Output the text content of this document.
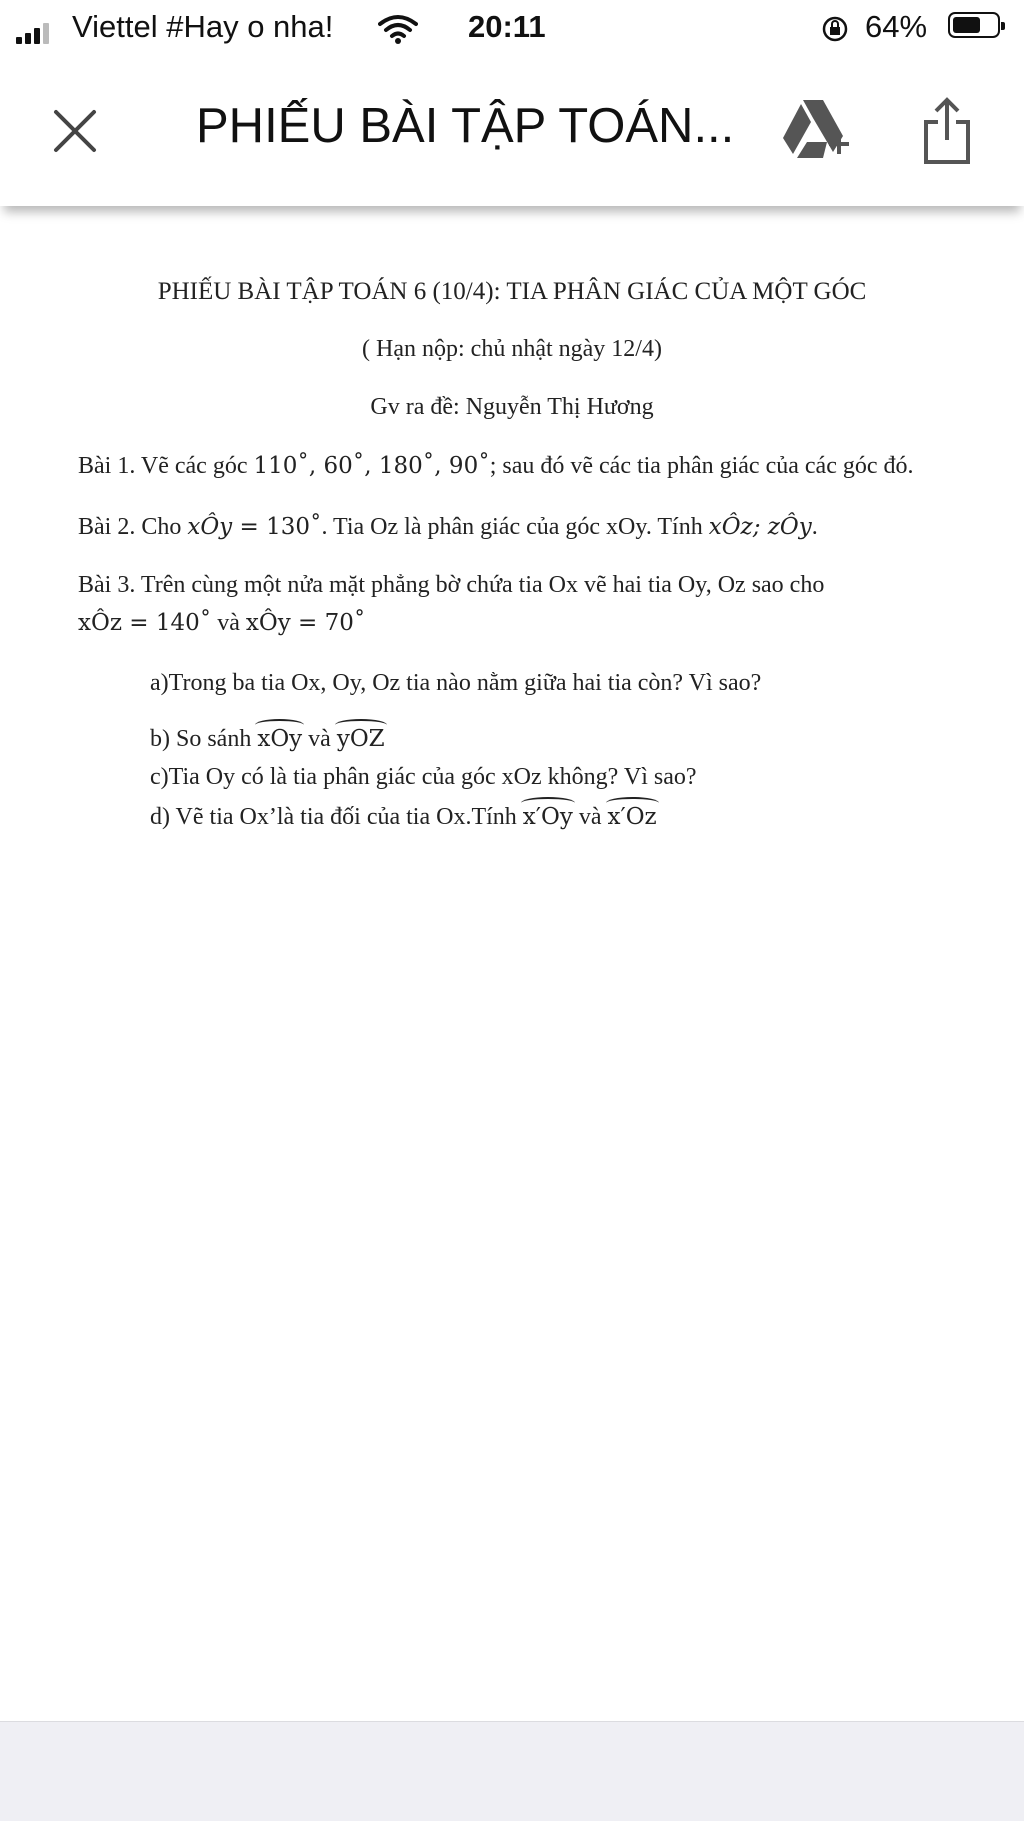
Viettel #Hay o nha!	20:11	64%
PHIẾU BÀI TẬP TOÁN...
PHIẾU BÀI TẬP TOÁN 6 (10/4): TIA PHÂN GIÁC CỦA MỘT GÓC
( Hạn nộp: chủ nhật ngày 12/4)
Gv ra đề: Nguyễn Thị Hương
Bài 1. Vẽ các góc 110˚, 60˚, 180˚, 90˚; sau đó vẽ các tia phân giác của các góc đó.
Bài 2. Cho xÔy = 130˚. Tia Oz là phân giác của góc xOy. Tính xÔz; zÔy.
Bài 3. Trên cùng một nửa mặt phẳng bờ chứa tia Ox vẽ hai tia Oy, Oz sao cho
xÔz = 140˚ và xÔy = 70˚
a)Trong ba tia Ox, Oy, Oz tia nào nằm giữa hai tia còn? Vì sao?
b) So sánh xOy và yOZ
c)Tia Oy có là tia phân giác của góc xOz không? Vì sao?
d) Vẽ tia Ox’là tia đối của tia Ox.Tính x′Oy và x′Oz
